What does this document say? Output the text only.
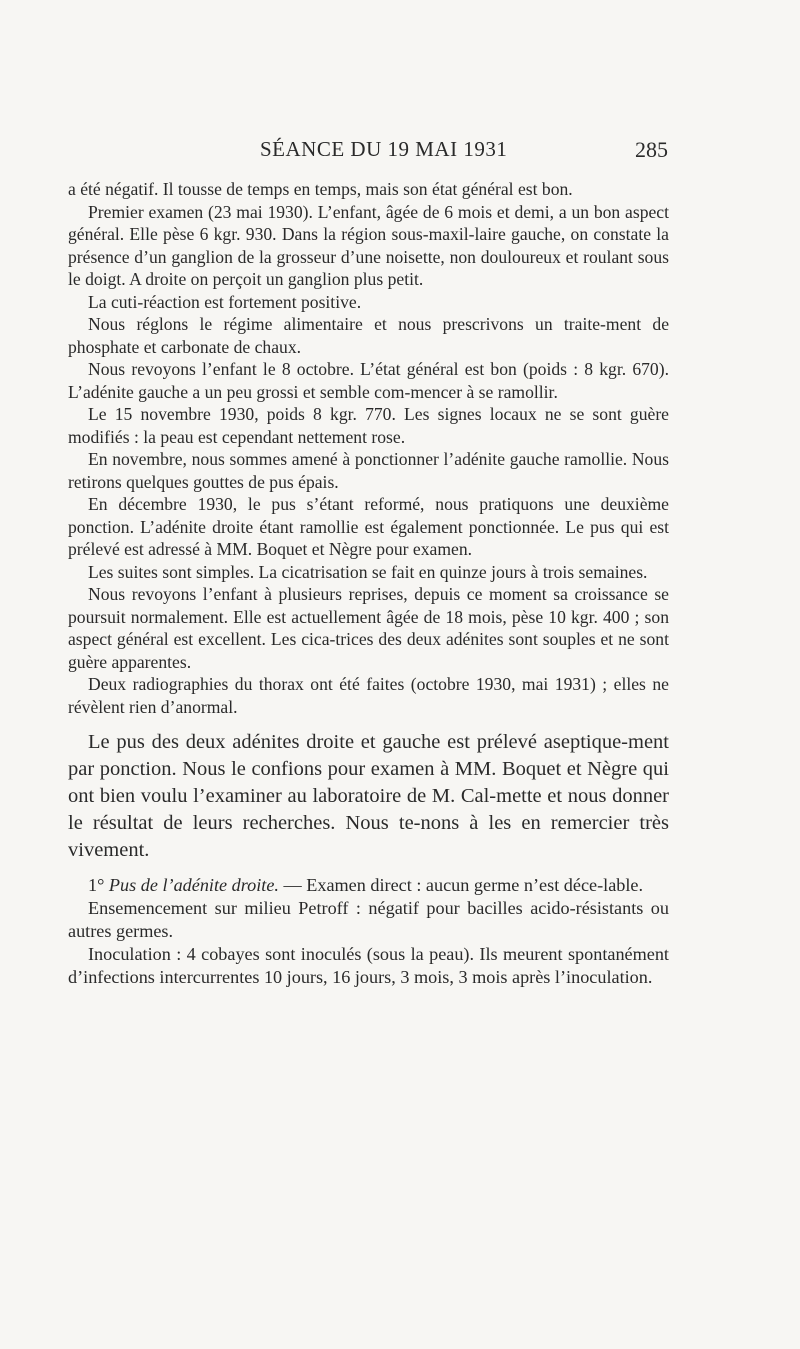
SÉANCE DU 19 MAI 1931	285

a été négatif. Il tousse de temps en temps, mais son état général est bon.

Premier examen (23 mai 1930). L’enfant, âgée de 6 mois et demi, a un bon aspect général. Elle pèse 6 kgr. 930. Dans la région sous-maxil-laire gauche, on constate la présence d’un ganglion de la grosseur d’une noisette, non douloureux et roulant sous le doigt. A droite on perçoit un ganglion plus petit.

La cuti-réaction est fortement positive.

Nous réglons le régime alimentaire et nous prescrivons un traite-ment de phosphate et carbonate de chaux.

Nous revoyons l’enfant le 8 octobre. L’état général est bon (poids : 8 kgr. 670). L’adénite gauche a un peu grossi et semble com-mencer à se ramollir.

Le 15 novembre 1930, poids 8 kgr. 770. Les signes locaux ne se sont guère modifiés : la peau est cependant nettement rose.

En novembre, nous sommes amené à ponctionner l’adénite gauche ramollie. Nous retirons quelques gouttes de pus épais.

En décembre 1930, le pus s’étant reformé, nous pratiquons une deuxième ponction. L’adénite droite étant ramollie est également ponctionnée. Le pus qui est prélevé est adressé à MM. Boquet et Nègre pour examen.

Les suites sont simples. La cicatrisation se fait en quinze jours à trois semaines.

Nous revoyons l’enfant à plusieurs reprises, depuis ce moment sa croissance se poursuit normalement. Elle est actuellement âgée de 18 mois, pèse 10 kgr. 400 ; son aspect général est excellent. Les cica-trices des deux adénites sont souples et ne sont guère apparentes.

Deux radiographies du thorax ont été faites (octobre 1930, mai 1931) ; elles ne révèlent rien d’anormal.

Le pus des deux adénites droite et gauche est prélevé aseptique-ment par ponction. Nous le confions pour examen à MM. Boquet et Nègre qui ont bien voulu l’examiner au laboratoire de M. Cal-mette et nous donner le résultat de leurs recherches. Nous te-nons à les en remercier très vivement.

1° Pus de l’adénite droite. — Examen direct : aucun germe n’est déce-lable.

Ensemencement sur milieu Petroff : négatif pour bacilles acido-résistants ou autres germes.

Inoculation : 4 cobayes sont inoculés (sous la peau). Ils meurent spontanément d’infections intercurrentes 10 jours, 16 jours, 3 mois, 3 mois après l’inoculation.
